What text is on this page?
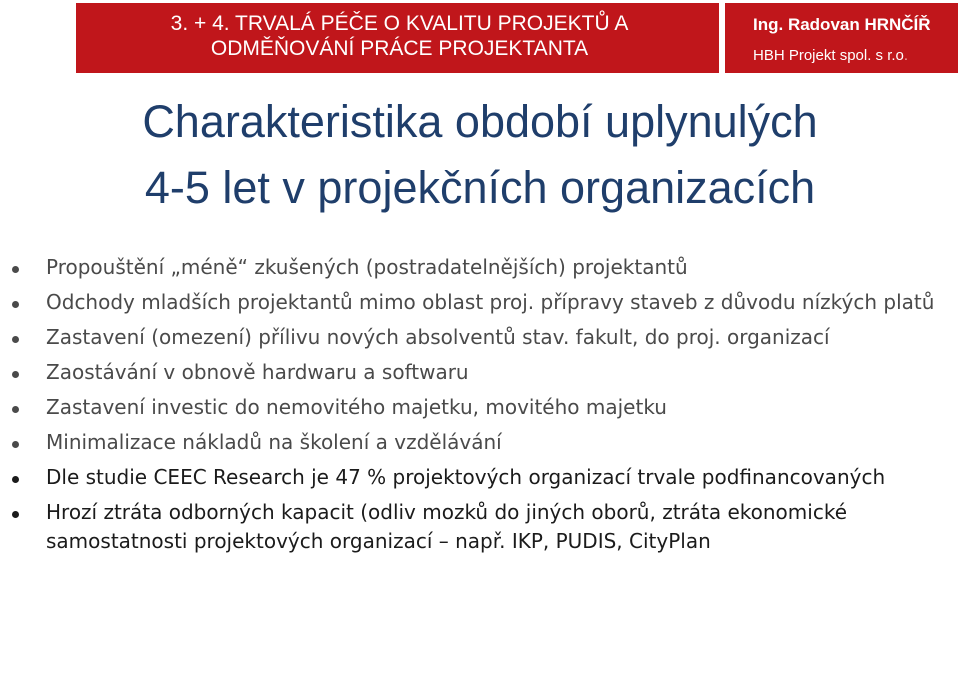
3. + 4. TRVALÁ PÉČE O KVALITU PROJEKTŮ A
ODMĚŇOVÁNÍ PRÁCE PROJEKTANTA
Ing. Radovan HRNČÍŘ
HBH Projekt spol. s r.o.
Charakteristika období uplynulých
4-5 let v projekčních organizacích
Propouštění „méně“ zkušených (postradatelnějších) projektantů
Odchody mladších projektantů mimo oblast proj. přípravy staveb z důvodu nízkých platů
Zastavení (omezení) přílivu nových absolventů stav. fakult, do proj. organizací
Zaostávání v obnově hardwaru a softwaru
Zastavení investic do nemovitého majetku, movitého majetku
Minimalizace nákladů na školení a vzdělávání
Dle studie CEEC Research je 47 % projektových organizací trvale podfinancovaných
Hrozí ztráta odborných kapacit (odliv mozků do jiných oborů, ztráta ekonomické samostatnosti projektových organizací – např. IKP, PUDIS, CityPlan
